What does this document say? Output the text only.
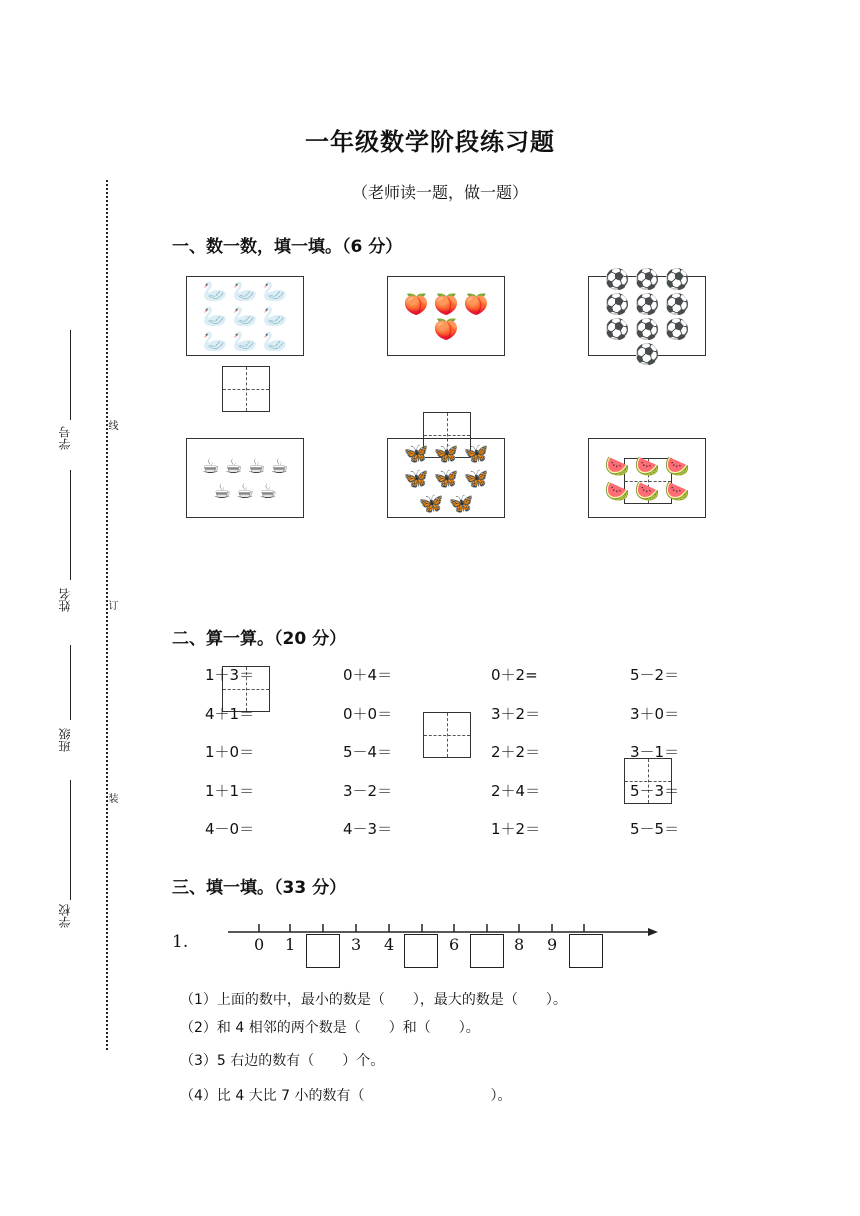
一年级数学阶段练习题
（老师读一题，做一题）
线
订
装
学号
姓名
班级
学校
一、数一数，填一填。（6 分）
🦢 🦢 🦢
🦢 🦢 🦢
🦢 🦢 🦢
🍑 🍑 🍑
🍑
⚽ ⚽ ⚽
⚽ ⚽ ⚽
⚽ ⚽ ⚽
⚽
☕ ☕ ☕ ☕
☕ ☕ ☕
🦋 🦋 🦋
🦋 🦋 🦋
🦋 🦋
🍉 🍉 🍉
🍉 🍉 🍉
二、算一算。（20 分）
1＋3＝	0＋4＝	0＋2=	5－2＝
4＋1＝	0＋0＝	3＋2＝	3＋0＝
1＋0＝	5－4＝	2＋2＝	3－1＝
1＋1＝	3－2＝	2＋4＝	5－3＝
4－0＝	4－3＝	1＋2＝	5－5＝
三、填一填。（33 分）
1.	0 1	3 4	6	8 9
（1）上面的数中，最小的数是（　　），最大的数是（　　）。
（2）和 4 相邻的两个数是（　　）和（　　）。
（3）5 右边的数有（　　）个。
（4）比 4 大比 7 小的数有（　　　　　　　　　）。
